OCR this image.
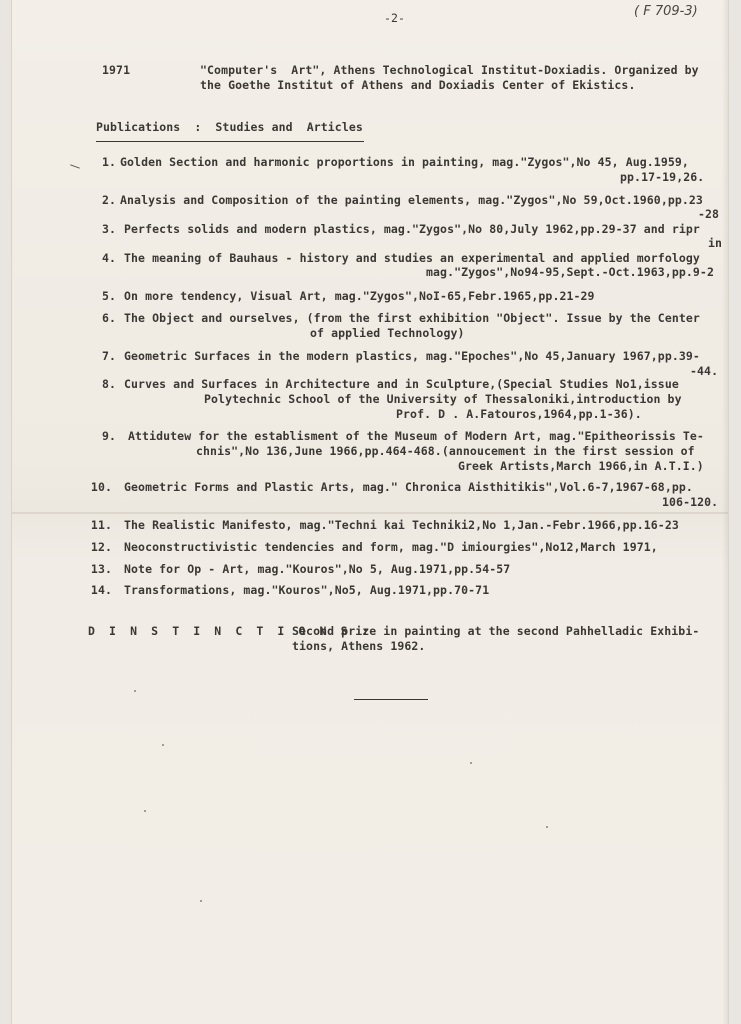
-2-	( F 709-3)
1971	"Computer's  Art", Athens Technological Institut-Doxiadis. Organized by
the Goethe Institut of Athens and Doxiadis Center of Ekistics.
Publications  :  Studies and  Articles
1. Golden Section and harmonic proportions in painting, mag."Zygos",No 45, Aug.1959,
pp.17-19,26.
2. Analysis and Composition of the painting elements, mag."Zygos",No 59,Oct.1960,pp.23
-28
3. Perfects solids and modern plastics, mag."Zygos",No 80,July 1962,pp.29-37 and ripr
in
4. The meaning of Bauhaus - history and studies an experimental and applied morfology
mag."Zygos",No94-95,Sept.-Oct.1963,pp.9-2
5. On more tendency, Visual Art, mag."Zygos",NoI-65,Febr.1965,pp.21-29
6. The Object and ourselves, (from the first exhibition "Object". Issue by the Center
of applied Technology)
7. Geometric Surfaces in the modern plastics, mag."Epoches",No 45,January 1967,pp.39-
-44.
8. Curves and Surfaces in Architecture and in Sculpture,(Special Studies No1,issue
Polytechnic School of the University of Thessaloniki,introduction by
Prof. D . A.Fatouros,1964,pp.1-36).
9. Attidutew for the establisment of the Museum of Modern Art, mag."Epitheorissis Te-
chnis",No 136,June 1966,pp.464-468.(annoucement in the first session of
Greek Artists,March 1966,in A.T.I.)
10. Geometric Forms and Plastic Arts, mag." Chronica Aisthitikis",Vol.6-7,1967-68,pp.
106-120.
11. The Realistic Manifesto, mag."Techni kai Techniki2,No 1,Jan.-Febr.1966,pp.16-23
12. Neoconstructivistic tendencies and form, mag."D imiourgies",No12,March 1971,
13. Note for Op - Art, mag."Kouros",No 5, Aug.1971,pp.54-57
14. Transformations, mag."Kouros",No5, Aug.1971,pp.70-71
D I N S T I N C T I O N S :
Second prize in painting at the second Pahhelladic Exhibi-
tions, Athens 1962.
